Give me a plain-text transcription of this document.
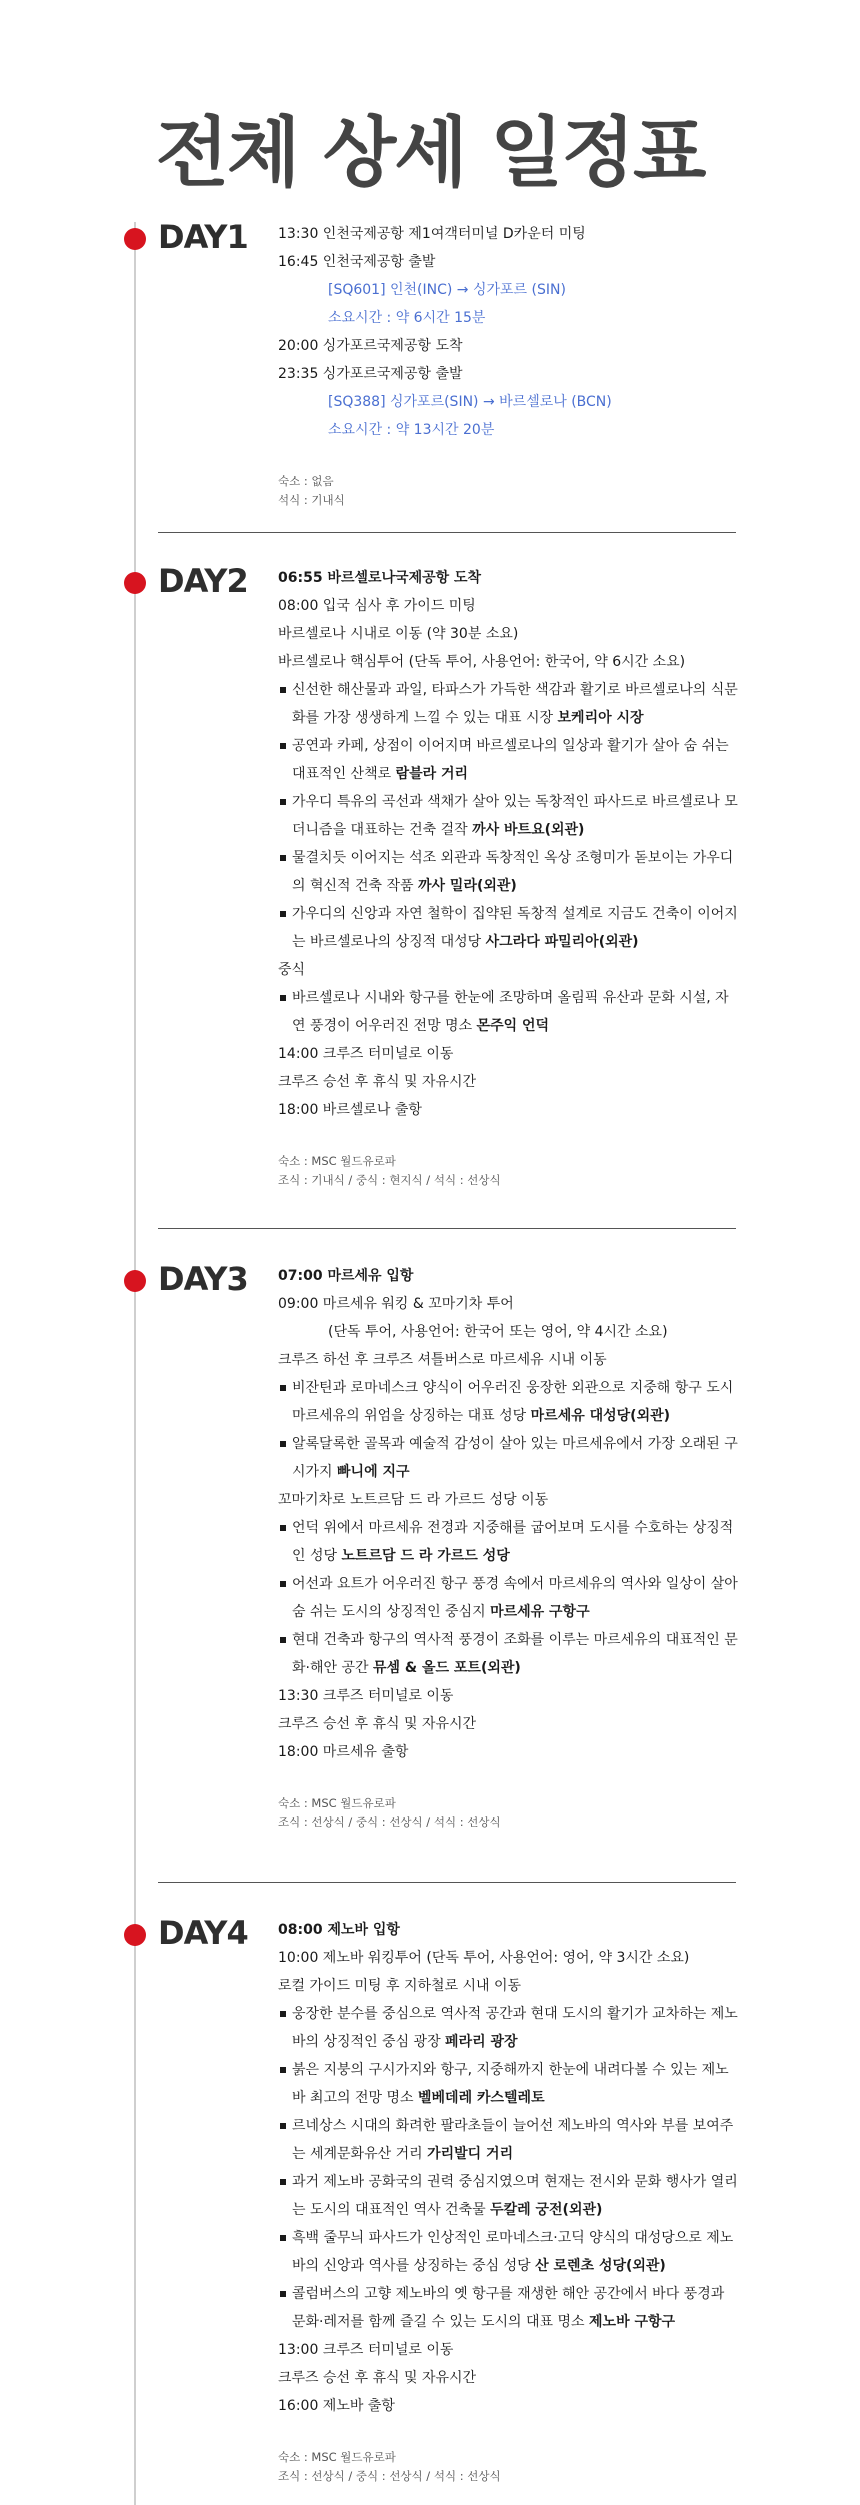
전체 상세 일정표
DAY1 13:30 인천국제공항 제1여객터미널 D카운터 미팅
16:45 인천국제공항 출발
[SQ601] 인천(INC) → 싱가포르 (SIN)
소요시간 : 약 6시간 15분
20:00 싱가포르국제공항 도착
23:35 싱가포르국제공항 출발
[SQ388] 싱가포르(SIN) → 바르셀로나 (BCN)
소요시간 : 약 13시간 20분
숙소 : 없음
석식 : 기내식
DAY2 06:55 바르셀로나국제공항 도착
08:00 입국 심사 후 가이드 미팅
바르셀로나 시내로 이동 (약 30분 소요)
바르셀로나 핵심투어 (단독 투어, 사용언어: 한국어, 약 6시간 소요)
신선한 해산물과 과일, 타파스가 가득한 색감과 활기로 바르셀로나의 식문화를 가장 생생하게 느낄 수 있는 대표 시장 보케리아 시장
공연과 카페, 상점이 이어지며 바르셀로나의 일상과 활기가 살아 숨 쉬는 대표적인 산책로 람블라 거리
가우디 특유의 곡선과 색채가 살아 있는 독창적인 파사드로 바르셀로나 모더니즘을 대표하는 건축 걸작 까사 바트요(외관)
물결치듯 이어지는 석조 외관과 독창적인 옥상 조형미가 돋보이는 가우디의 혁신적 건축 작품 까사 밀라(외관)
가우디의 신앙과 자연 철학이 집약된 독창적 설계로 지금도 건축이 이어지는 바르셀로나의 상징적 대성당 사그라다 파밀리아(외관)
중식
바르셀로나 시내와 항구를 한눈에 조망하며 올림픽 유산과 문화 시설, 자연 풍경이 어우러진 전망 명소 몬주익 언덕
14:00 크루즈 터미널로 이동
크루즈 승선 후 휴식 및 자유시간
18:00 바르셀로나 출항
숙소 : MSC 월드유로파
조식 : 기내식 / 중식 : 현지식 / 석식 : 선상식
DAY3 07:00 마르세유 입항
09:00 마르세유 워킹 & 꼬마기차 투어
(단독 투어, 사용언어: 한국어 또는 영어, 약 4시간 소요)
크루즈 하선 후 크루즈 셔틀버스로 마르세유 시내 이동
비잔틴과 로마네스크 양식이 어우러진 웅장한 외관으로 지중해 항구 도시 마르세유의 위엄을 상징하는 대표 성당 마르세유 대성당(외관)
알록달록한 골목과 예술적 감성이 살아 있는 마르세유에서 가장 오래된 구시가지 빠니에 지구
꼬마기차로 노트르담 드 라 가르드 성당 이동
언덕 위에서 마르세유 전경과 지중해를 굽어보며 도시를 수호하는 상징적인 성당 노트르담 드 라 가르드 성당
어선과 요트가 어우러진 항구 풍경 속에서 마르세유의 역사와 일상이 살아 숨 쉬는 도시의 상징적인 중심지 마르세유 구항구
현대 건축과 항구의 역사적 풍경이 조화를 이루는 마르세유의 대표적인 문화·해안 공간 뮤셈 & 올드 포트(외관)
13:30 크루즈 터미널로 이동
크루즈 승선 후 휴식 및 자유시간
18:00 마르세유 출항
숙소 : MSC 월드유로파
조식 : 선상식 / 중식 : 선상식 / 석식 : 선상식
DAY4 08:00 제노바 입항
10:00 제노바 워킹투어 (단독 투어, 사용언어: 영어, 약 3시간 소요)
로컬 가이드 미팅 후 지하철로 시내 이동
웅장한 분수를 중심으로 역사적 공간과 현대 도시의 활기가 교차하는 제노바의 상징적인 중심 광장 페라리 광장
붉은 지붕의 구시가지와 항구, 지중해까지 한눈에 내려다볼 수 있는 제노바 최고의 전망 명소 벨베데레 카스텔레토
르네상스 시대의 화려한 팔라초들이 늘어선 제노바의 역사와 부를 보여주는 세계문화유산 거리 가리발디 거리
과거 제노바 공화국의 권력 중심지였으며 현재는 전시와 문화 행사가 열리는 도시의 대표적인 역사 건축물 두칼레 궁전(외관)
흑백 줄무늬 파사드가 인상적인 로마네스크·고딕 양식의 대성당으로 제노바의 신앙과 역사를 상징하는 중심 성당 산 로렌초 성당(외관)
콜럼버스의 고향 제노바의 옛 항구를 재생한 해안 공간에서 바다 풍경과 문화·레저를 함께 즐길 수 있는 도시의 대표 명소 제노바 구항구
13:00 크루즈 터미널로 이동
크루즈 승선 후 휴식 및 자유시간
16:00 제노바 출항
숙소 : MSC 월드유로파
조식 : 선상식 / 중식 : 선상식 / 석식 : 선상식
